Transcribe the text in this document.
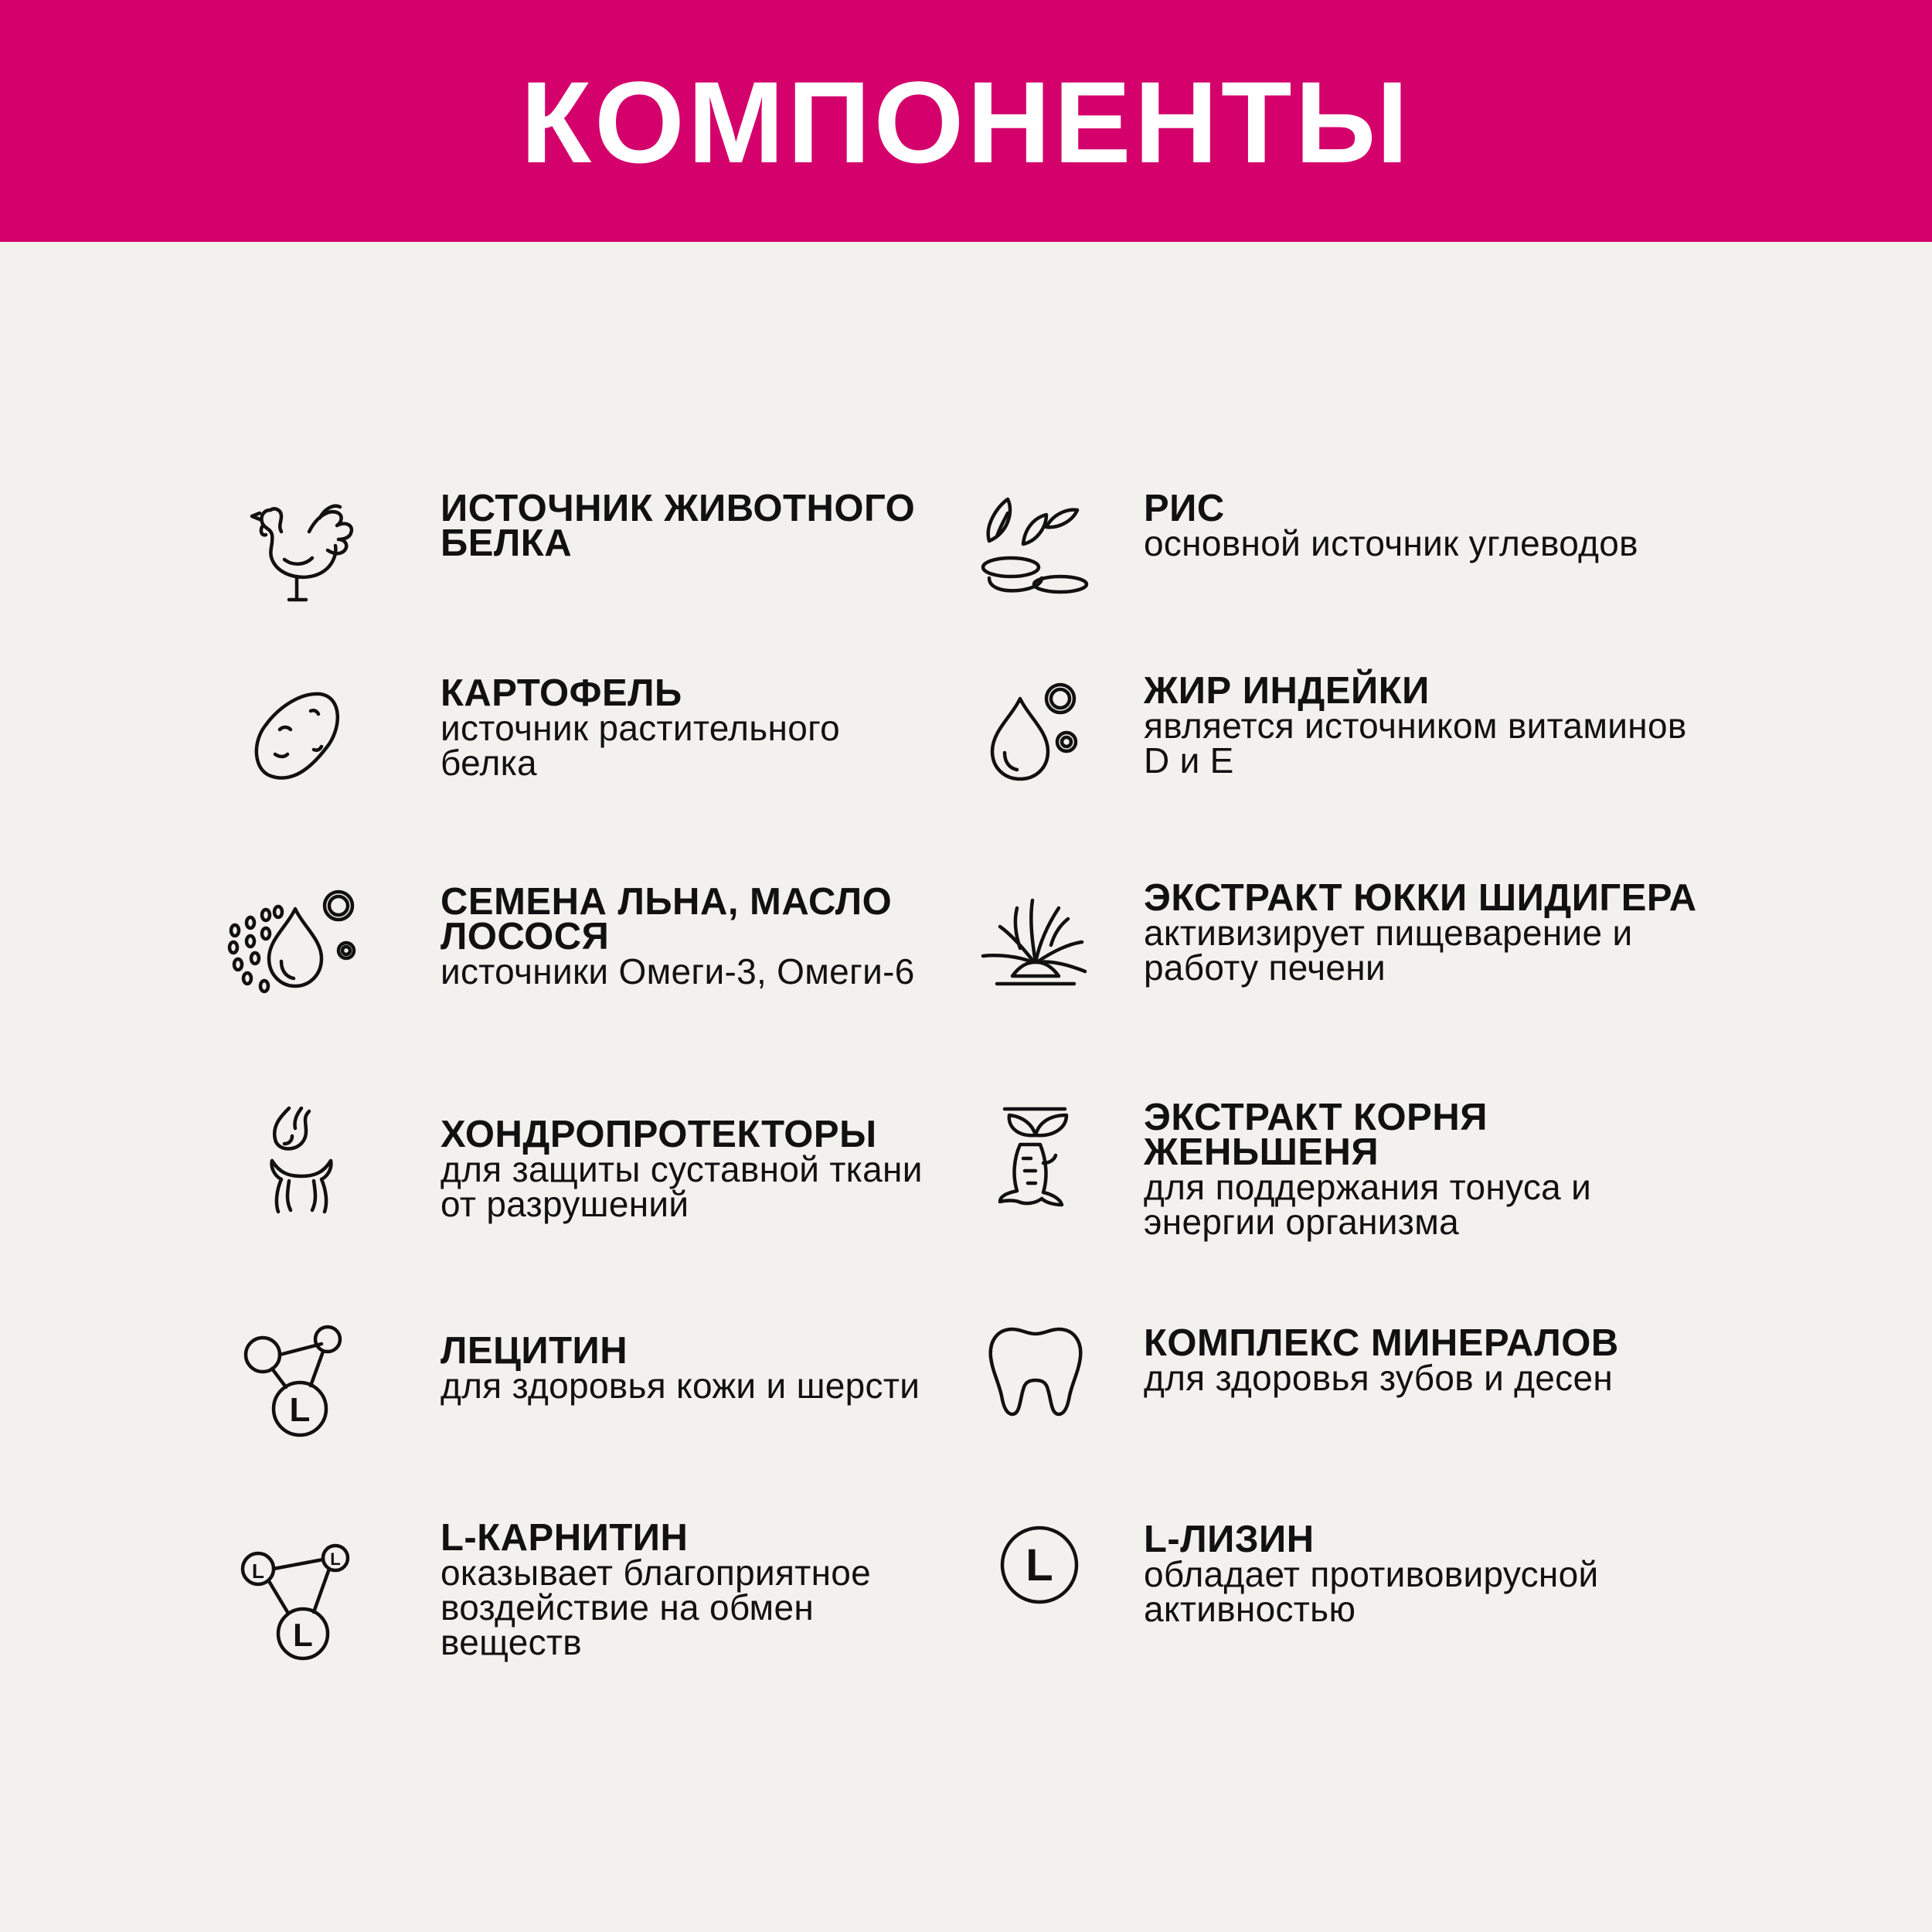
КОМПОНЕНТЫ
ИСТОЧНИК ЖИВОТНОГО БЕЛКА
РИС
основной источник углеводов
КАРТОФЕЛЬ
источник растительного белка
ЖИР ИНДЕЙКИ
является источником витаминов D и E
СЕМЕНА ЛЬНА, МАСЛО ЛОСОСЯ
источники Омеги-3, Омеги-6
ЭКСТРАКТ ЮККИ ШИДИГЕРА
активизирует пищеварение и работу печени
ХОНДРОПРОТЕКТОРЫ
для защиты суставной ткани от разрушений
ЭКСТРАКТ КОРНЯ ЖЕНЬШЕНЯ
для поддержания тонуса и энергии организма
L
ЛЕЦИТИН
для здоровья кожи и шерсти
КОМПЛЕКС МИНЕРАЛОВ
для здоровья зубов и десен
L
L
L
L-КАРНИТИН
оказывает благоприятное воздействие на обмен веществ
L
L-ЛИЗИН
обладает противовирусной активностью
